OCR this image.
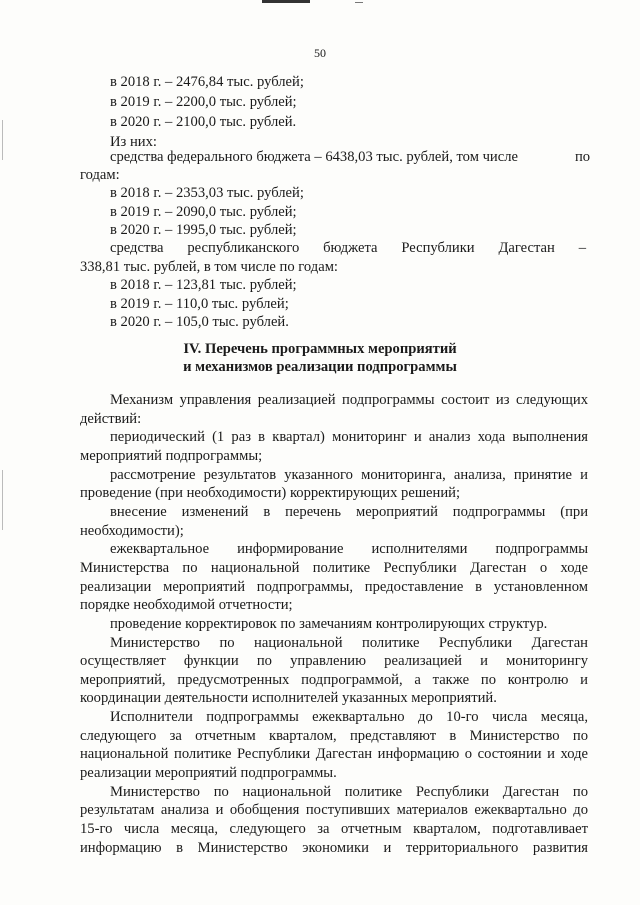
50
в 2018 г. – 2476,84 тыс. рублей;
в 2019 г. – 2200,0 тыс. рублей;
в 2020 г. – 2100,0 тыс. рублей.
Из них:
средства федерального бюджета – 6438,03 тыс. рублей, том числе	по
годам:
в 2018 г. – 2353,03 тыс. рублей;
в 2019 г. – 2090,0 тыс. рублей;
в 2020 г. – 1995,0 тыс. рублей;
средства республиканского бюджета Республики Дагестан –
338,81 тыс. рублей, в том числе по годам:
в 2018 г. – 123,81 тыс. рублей;
в 2019 г. – 110,0 тыс. рублей;
в 2020 г. – 105,0 тыс. рублей.
IV. Перечень программных мероприятий
и механизмов реализации подпрограммы
Механизм управления реализацией подпрограммы состоит из следующих
действий:
периодический (1 раз в квартал) мониторинг и анализ хода выполнения
мероприятий подпрограммы;
рассмотрение результатов указанного мониторинга, анализа, принятие и
проведение (при необходимости) корректирующих решений;
внесение изменений в перечень мероприятий подпрограммы (при
необходимости);
ежеквартальное информирование исполнителями подпрограммы
Министерства по национальной политике Республики Дагестан о ходе
реализации мероприятий подпрограммы, предоставление в установленном
порядке необходимой отчетности;
проведение корректировок по замечаниям контролирующих структур.
Министерство по национальной политике Республики Дагестан
осуществляет функции по управлению реализацией и мониторингу
мероприятий, предусмотренных подпрограммой, а также по контролю и
координации деятельности исполнителей указанных мероприятий.
Исполнители подпрограммы ежеквартально до 10-го числа месяца,
следующего за отчетным кварталом, представляют в Министерство по
национальной политике Республики Дагестан информацию о состоянии и ходе
реализации мероприятий подпрограммы.
Министерство по национальной политике Республики Дагестан по
результатам анализа и обобщения поступивших материалов ежеквартально до
15-го числа месяца, следующего за отчетным кварталом, подготавливает
информацию в Министерство экономики и территориального развития
